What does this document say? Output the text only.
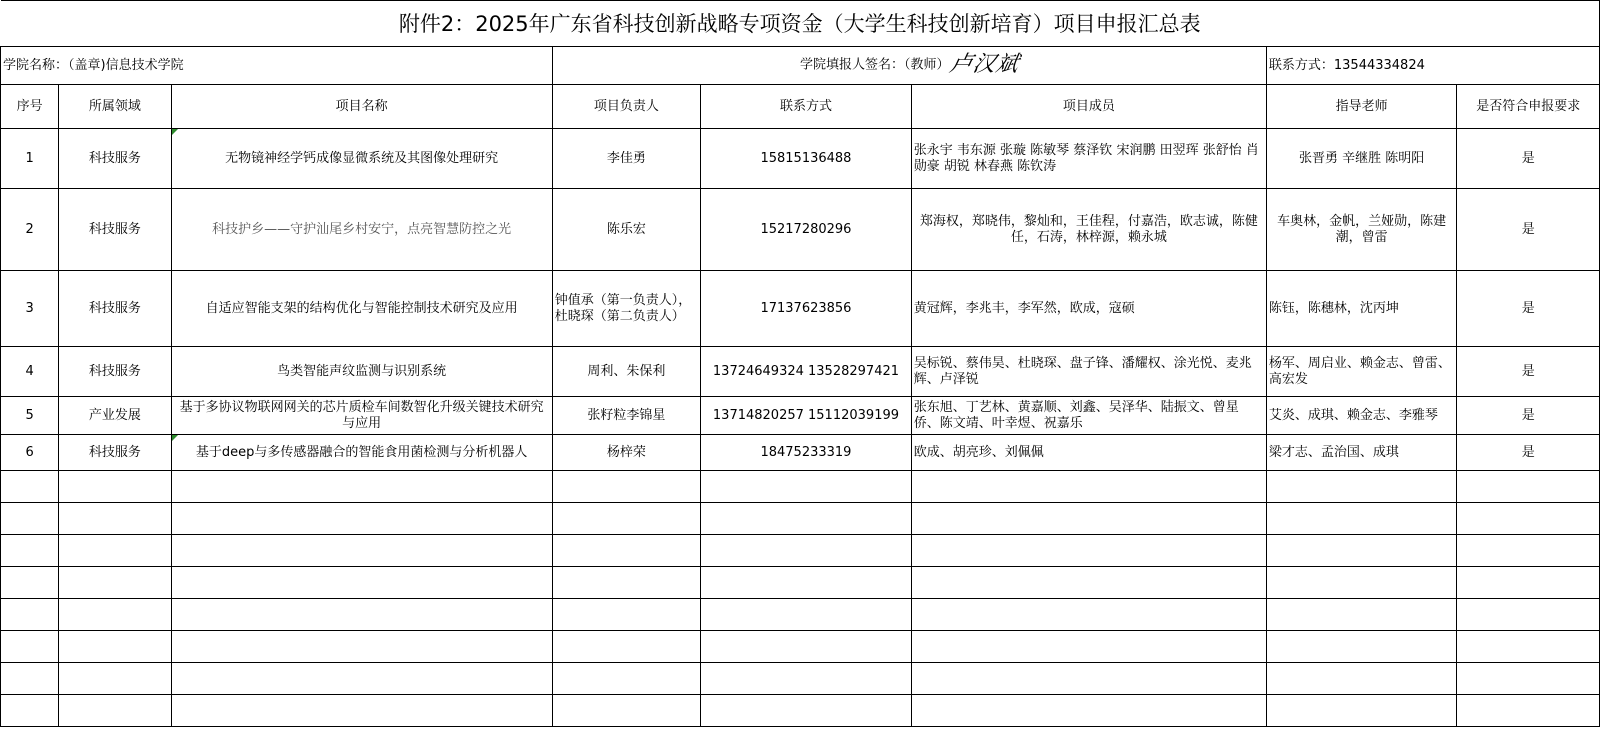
附件2：2025年广东省科技创新战略专项资金（大学生科技创新培育）项目申报汇总表							
学院名称：（盖章)信息技术学院			学院填报人签名：（教师）卢汉斌			联系方式：13544334824	
序号	所属领域	项目名称	项目负责人	联系方式	项目成员	指导老师	是否符合申报要求
1	科技服务	无物镜神经学钙成像显微系统及其图像处理研究	李佳勇	15815136488	张永宇 韦东源 张璇 陈敏琴 蔡泽钦 宋润鹏 田翌珲 张舒怡 肖勋豪 胡锐 林春燕 陈钦涛	张晋勇 辛继胜 陈明阳	是
2	科技服务	科技护乡——守护汕尾乡村安宁，点亮智慧防控之光	陈乐宏	15217280296	郑海权，郑晓伟，黎灿和，王佳程，付嘉浩，欧志诚，陈健任，石涛，林梓源，赖永城	车奥林，金帆，兰娅勋，陈建潮，曾雷	是
3	科技服务	自适应智能支架的结构优化与智能控制技术研究及应用	钟值承（第一负责人），杜晓琛（第二负责人）	17137623856	黄冠辉，李兆丰，李军然，欧成，寇硕	陈钰，陈穗林，沈丙坤	是
4	科技服务	鸟类智能声纹监测与识别系统	周利、朱保利	13724649324 13528297421	吴标锐、蔡伟昊、杜晓琛、盘子锋、潘耀权、涂光悦、麦兆辉、卢泽锐	杨军、周启业、赖金志、曾雷、高宏发	是
5	产业发展	基于多协议物联网网关的芯片质检车间数智化升级关键技术研究与应用	张籽粒李锦星	13714820257 15112039199	张东旭、丁艺林、黄嘉顺、刘鑫、吴泽华、陆振文、曾星侨、陈文靖、叶幸煜、祝嘉乐	艾炎、成琪、赖金志、李雅琴	是
6	科技服务	基于deep与多传感器融合的智能食用菌检测与分析机器人	杨梓荣	18475233319	欧成、胡亮珍、刘佩佩	梁才志、孟治国、成琪	是
